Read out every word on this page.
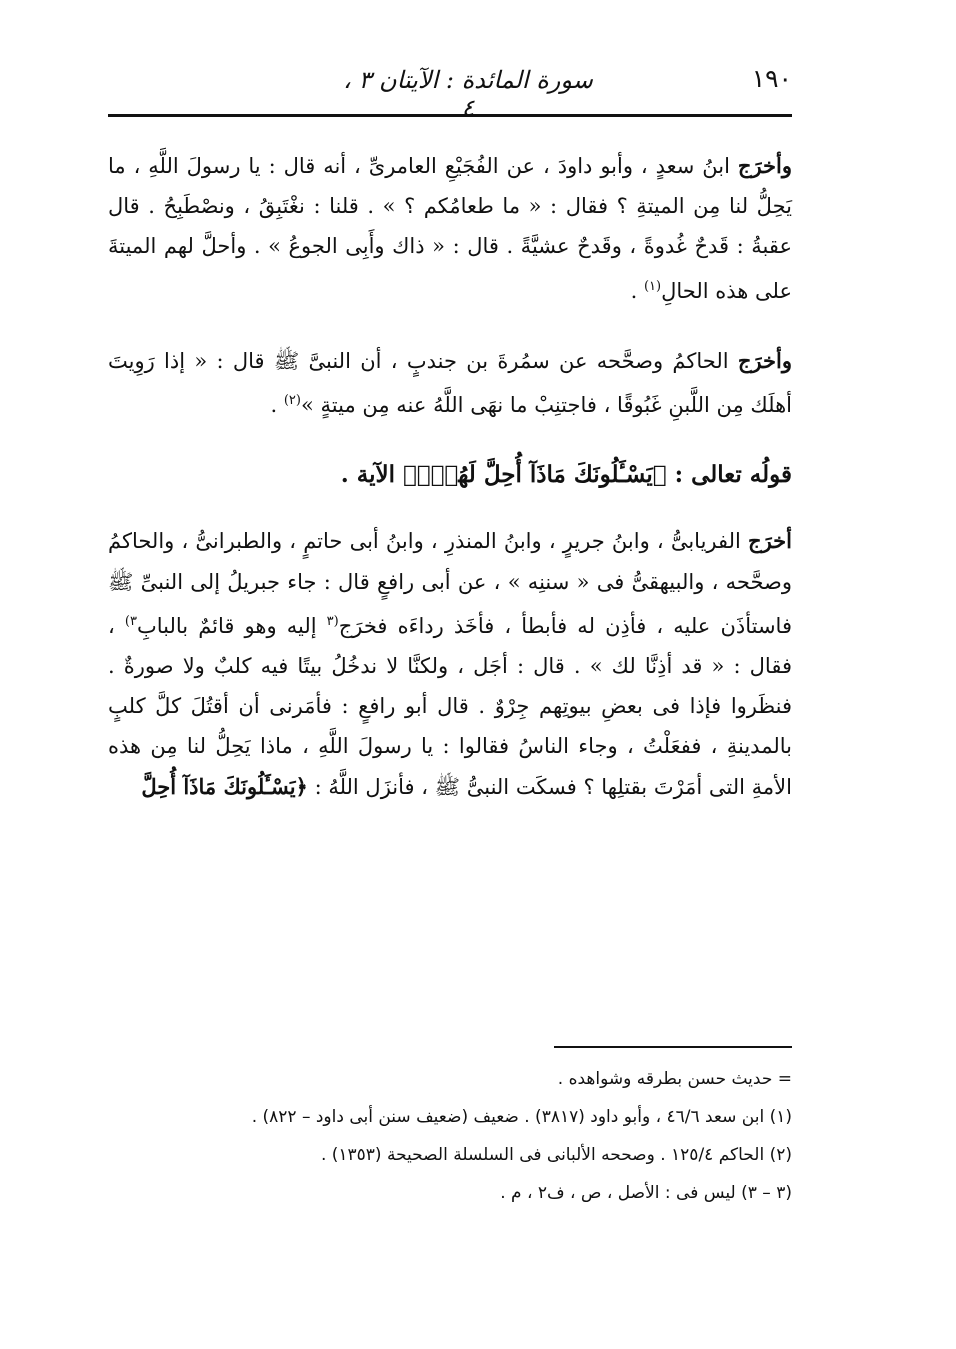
١٩٠
سورة المائدة : الآيتان ٣ ، ٤

وأخرَج ابنُ سعدٍ ، وأبو داودَ ، عن الفُجَيْعِ العامرىِّ ، أنه قال : يا رسولَ اللَّهِ ، ما يَحِلُّ لنا مِن الميتةِ ؟ فقال : « ما طعامُكم ؟ » . قلنا : نغْتَبِقُ ، ونصْطَبِحُ . قال عقبةُ : قَدحٌ غُدوةً ، وقَدحٌ عشيَّةً . قال : « ذاك وأَبِى الجوعُ » . وأحلَّ لهم الميتةَ على هذه الحالِ$^{(١)}$ .

وأخرَج الحاكمُ وصحَّحه عن سمُرةَ بن جندبٍ ، أن النبىَّ ﷺ قال : « إذا رَوِيتَ أهلَك مِن اللَّبنِ غَبُوقًا ، فاجتنِبْ ما نهَى اللَّهُ عنه مِن ميتةٍ »$^{(٢)}$ .

قولُه تعالى : ﴿يَسْـَٔلُونَكَ مَاذَآ أُحِلَّ لَهُمْۖ﴾ الآية .

أخرَج الفريابىُّ ، وابنُ جريرٍ ، وابنُ المنذرِ ، وابنُ أبى حاتمٍ ، والطبرانىُّ ، والحاكمُ وصحَّحه ، والبيهقىُّ فى « سننِه » ، عن أبى رافعٍ قال : جاء جبريلُ إلى النبىِّ ﷺ فاستأذَن عليه ، فأذِن له فأبطأ ، فأخَذ رداءَه فخرَج$^{(٣}$ إليه وهو قائمٌ بالبابِ$^{٣)}$ ، فقال : « قد أذِنَّا لك » . قال : أجَل ، ولكنَّا لا ندخُلُ بيتًا فيه كلبٌ ولا صورةٌ . فنظَروا فإذا فى بعضِ بيوتِهم جِرْوٌ . قال أبو رافعٍ : فأمَرنى أن أقتُلَ كلَّ كلبٍ بالمدينةِ ، ففعَلْتُ ، وجاء الناسُ فقالوا : يا رسولَ اللَّهِ ، ماذا يَحِلُّ لنا مِن هذه الأمةِ التى أمَرْتَ بقتلِها ؟ فسكَت النبىُّ ﷺ ، فأنزَل اللَّهُ : ﴿يَسْـَٔلُونَكَ مَاذَآ أُحِلَّ

= حديث حسن بطرقه وشواهده .

(١) ابن سعد ٤٦/٦ ، وأبو داود (٣٨١٧) . ضعيف (ضعيف سنن أبى داود – ٨٢٢) .

(٢) الحاكم ١٢٥/٤ . وصححه الألبانى فى السلسلة الصحيحة (١٣٥٣) .

(٣ – ٣) ليس فى : الأصل ، ص ، ف٢ ، م .
